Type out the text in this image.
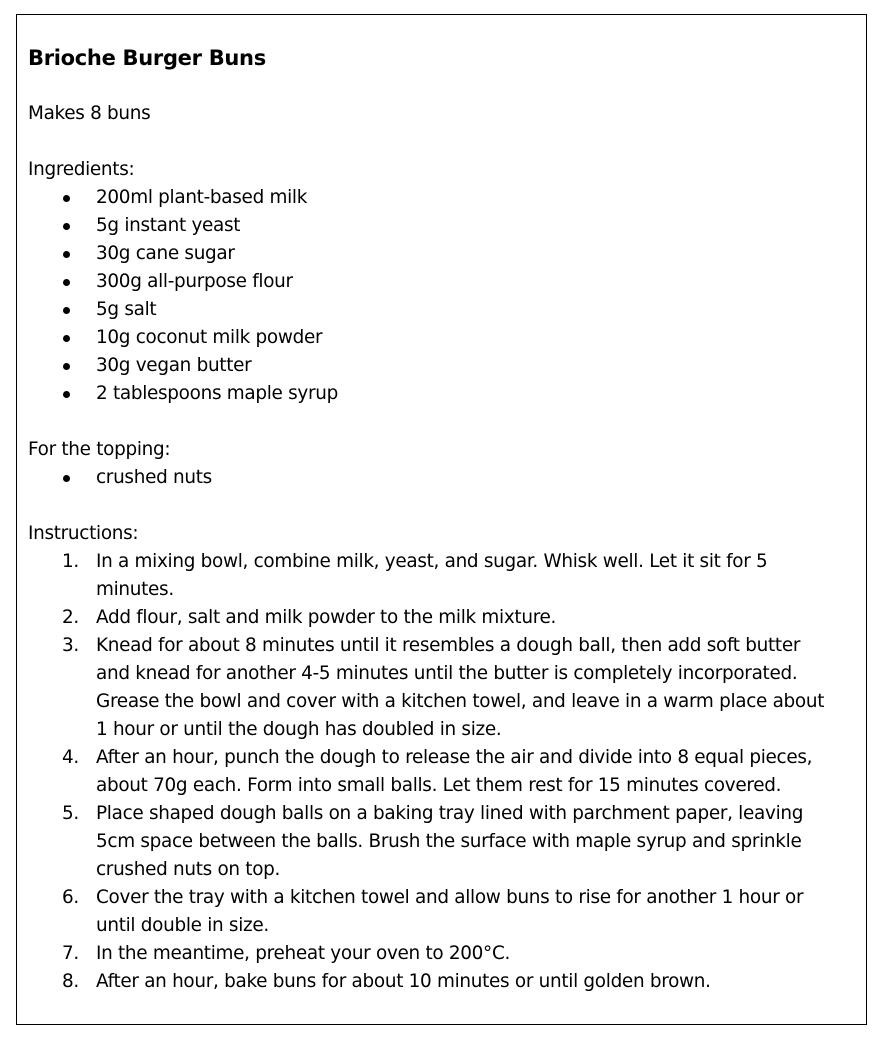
Brioche Burger Buns

Makes 8 buns

Ingredients:

200ml plant-based milk
5g instant yeast
30g cane sugar
300g all-purpose flour
5g salt
10g coconut milk powder
30g vegan butter
2 tablespoons maple syrup

For the topping:

crushed nuts

Instructions:

1. In a mixing bowl, combine milk, yeast, and sugar. Whisk well. Let it sit for 5
minutes.
2. Add flour, salt and milk powder to the milk mixture.
3. Knead for about 8 minutes until it resembles a dough ball, then add soft butter
and knead for another 4-5 minutes until the butter is completely incorporated.
Grease the bowl and cover with a kitchen towel, and leave in a warm place about
1 hour or until the dough has doubled in size.
4. After an hour, punch the dough to release the air and divide into 8 equal pieces,
about 70g each. Form into small balls. Let them rest for 15 minutes covered.
5. Place shaped dough balls on a baking tray lined with parchment paper, leaving
5cm space between the balls. Brush the surface with maple syrup and sprinkle
crushed nuts on top.
6. Cover the tray with a kitchen towel and allow buns to rise for another 1 hour or
until double in size.
7. In the meantime, preheat your oven to 200°C.
8. After an hour, bake buns for about 10 minutes or until golden brown.
